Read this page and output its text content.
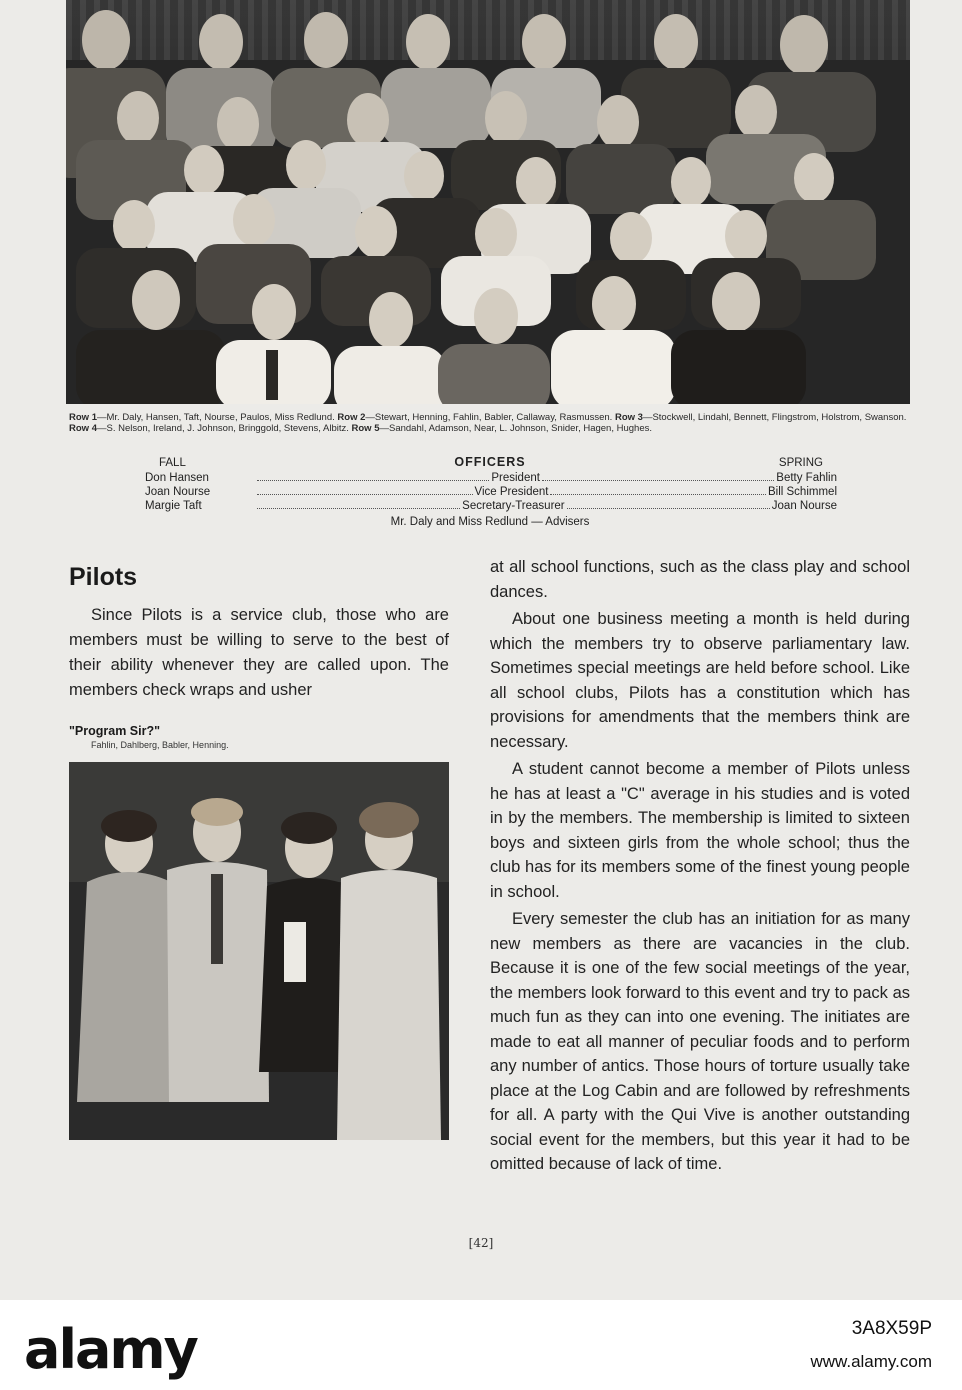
Row 1—Mr. Daly, Hansen, Taft, Nourse, Paulos, Miss Redlund. Row 2—Stewart, Henning, Fahlin, Babler, Callaway, Rasmussen. Row 3—Stockwell, Lindahl, Bennett, Flingstrom, Holstrom, Swanson. Row 4—S. Nelson, Ireland, J. Johnson, Bringgold, Stevens, Albitz. Row 5—Sandahl, Adamson, Near, L. Johnson, Snider, Hagen, Hughes.
FALL	OFFICERS	SPRING
Don Hansen	President	Betty Fahlin
Joan Nourse	Vice President	Bill Schimmel
Margie Taft	Secretary-Treasurer	Joan Nourse
Mr. Daly and Miss Redlund — Advisers
Pilots

Since Pilots is a service club, those who are members must be willing to serve to the best of their ability whenever they are called upon. The members check wraps and usher

"Program Sir?"
Fahlin, Dahlberg, Babler, Henning.

at all school functions, such as the class play and school dances.

About one business meeting a month is held during which the members try to observe parliamentary law. Sometimes special meetings are held before school. Like all school clubs, Pilots has a constitution which has provisions for amendments that the members think are necessary.

A student cannot become a member of Pilots unless he has at least a "C" average in his studies and is voted in by the members. The membership is limited to sixteen boys and sixteen girls from the whole school; thus the club has for its members some of the finest young people in school.

Every semester the club has an initiation for as many new members as there are vacancies in the club. Because it is one of the few social meetings of the year, the members look forward to this event and try to pack as much fun as they can into one evening. The initiates are made to eat all manner of peculiar foods and to perform any number of antics. Those hours of torture usually take place at the Log Cabin and are followed by refreshments for all. A party with the Qui Vive is another outstanding social event for the members, but this year it had to be omitted because of lack of time.

[42]
alamy	3A8X59P
www.alamy.com
